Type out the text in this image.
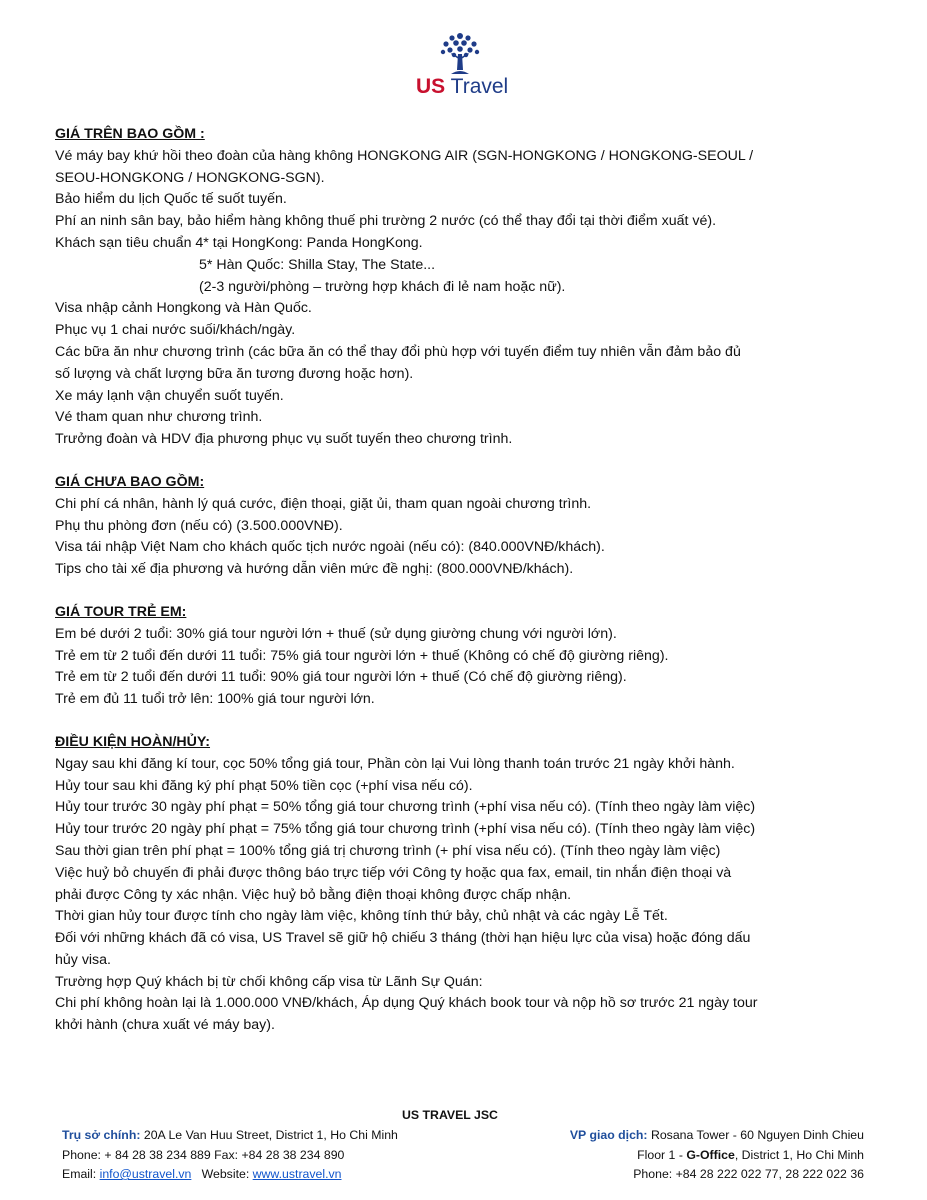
US Travel
GIÁ TRÊN BAO GỒM :
Vé máy bay khứ hồi theo đoàn của hàng không HONGKONG AIR (SGN-HONGKONG / HONGKONG-SEOUL /
SEOU-HONGKONG / HONGKONG-SGN).
Bảo hiểm du lịch Quốc tế suốt tuyến.
Phí an ninh sân bay, bảo hiểm hàng không thuế phi trường 2 nước (có thể thay đổi tại thời điểm xuất vé).
Khách sạn tiêu chuẩn 4* tại HongKong: Panda HongKong.
5* Hàn Quốc: Shilla Stay, The State...
(2-3 người/phòng – trường hợp khách đi lẻ nam hoặc nữ).
Visa nhập cảnh Hongkong và Hàn Quốc.
Phục vụ 1 chai nước suối/khách/ngày.
Các bữa ăn như chương trình (các bữa ăn có thể thay đổi phù hợp với tuyến điểm tuy nhiên vẫn đảm bảo đủ
số lượng và chất lượng bữa ăn tương đương hoặc hơn).
Xe máy lạnh vận chuyển suốt tuyến.
Vé tham quan như chương trình.
Trưởng đoàn và HDV địa phương phục vụ suốt tuyến theo chương trình.
GIÁ CHƯA BAO GỒM:
Chi phí cá nhân, hành lý quá cước, điện thoại, giặt ủi, tham quan ngoài chương trình.
Phụ thu phòng đơn (nếu có) (3.500.000VNĐ).
Visa tái nhập Việt Nam cho khách quốc tịch nước ngoài (nếu có): (840.000VNĐ/khách).
Tips cho tài xế địa phương và hướng dẫn viên mức đề nghị: (800.000VNĐ/khách).
GIÁ TOUR TRẺ EM:
Em bé dưới 2 tuổi: 30% giá tour người lớn + thuế (sử dụng giường chung với người lớn).
Trẻ em từ 2 tuổi đến dưới 11 tuổi: 75% giá tour người lớn + thuế (Không có chế độ giường riêng).
Trẻ em từ 2 tuổi đến dưới 11 tuổi: 90% giá tour người lớn + thuế (Có chế độ giường riêng).
Trẻ em đủ 11 tuổi trở lên: 100% giá tour người lớn.
ĐIỀU KIỆN HOÀN/HỦY:
Ngay sau khi đăng kí tour, cọc 50% tổng giá tour, Phần còn lại Vui lòng thanh toán trước 21 ngày khởi hành.
Hủy tour sau khi đăng ký phí phạt 50% tiền cọc (+phí visa nếu có).
Hủy tour trước 30 ngày phí phạt = 50% tổng giá tour chương trình (+phí visa nếu có). (Tính theo ngày làm việc)
Hủy tour trước 20 ngày phí phạt = 75% tổng giá tour chương trình (+phí visa nếu có). (Tính theo ngày làm việc)
Sau thời gian trên phí phạt = 100% tổng giá trị chương trình (+ phí visa nếu có). (Tính theo ngày làm việc)
Việc huỷ bỏ chuyến đi phải được thông báo trực tiếp với Công ty hoặc qua fax, email, tin nhắn điện thoại và
phải được Công ty xác nhận. Việc huỷ bỏ bằng điện thoại không được chấp nhận.
Thời gian hủy tour được tính cho ngày làm việc, không tính thứ bảy, chủ nhật và các ngày Lễ Tết.
Đối với những khách đã có visa, US Travel sẽ giữ hộ chiếu 3 tháng (thời hạn hiệu lực của visa) hoặc đóng dấu
hủy visa.
Trường hợp Quý khách bị từ chối không cấp visa từ Lãnh Sự Quán:
Chi phí không hoàn lại là 1.000.000 VNĐ/khách, Áp dụng Quý khách book tour và nộp hồ sơ trước 21 ngày tour
khởi hành (chưa xuất vé máy bay).
US TRAVEL JSC
Trụ sở chính: 20A Le Van Huu Street, District 1, Ho Chi Minh
Phone: + 84 28 38 234 889 Fax: +84 28 38 234 890
Email: info@ustravel.vn   Website: www.ustravel.vn
VP giao dịch: Rosana Tower - 60 Nguyen Dinh Chieu
Floor 1 - G-Office, District 1, Ho Chi Minh
Phone: +84 28 222 022 77, 28 222 022 36
